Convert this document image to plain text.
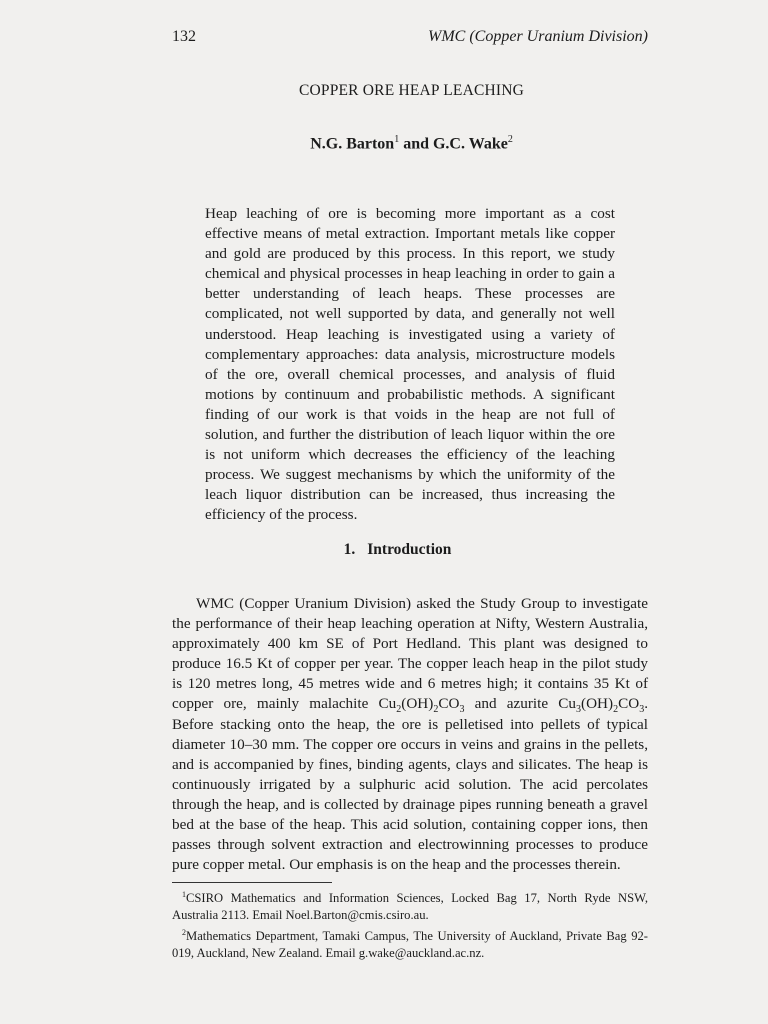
132	WMC (Copper Uranium Division)
COPPER ORE HEAP LEACHING
N.G. Barton$^1$ and G.C. Wake$^2$

Heap leaching of ore is becoming more important as a cost effective means of metal extraction. Important metals like copper and gold are produced by this process. In this report, we study chemical and physical processes in heap leaching in order to gain a better understanding of leach heaps. These processes are complicated, not well supported by data, and generally not well understood. Heap leaching is investigated using a variety of complementary approaches: data analysis, microstructure models of the ore, overall chemical processes, and analysis of fluid motions by continuum and probabilistic methods. A significant finding of our work is that voids in the heap are not full of solution, and further the distribution of leach liquor within the ore is not uniform which decreases the efficiency of the leaching process. We suggest mechanisms by which the uniformity of the leach liquor distribution can be increased, thus increasing the efficiency of the process.

1. Introduction

WMC (Copper Uranium Division) asked the Study Group to investigate the performance of their heap leaching operation at Nifty, Western Australia, approximately 400 km SE of Port Hedland. This plant was designed to produce 16.5 Kt of copper per year. The copper leach heap in the pilot study is 120 metres long, 45 metres wide and 6 metres high; it contains 35 Kt of copper ore, mainly malachite $Cu_2(OH)_2CO_3$ and azurite $Cu_3(OH)_2CO_3$. Before stacking onto the heap, the ore is pelletised into pellets of typical diameter 10–30 mm. The copper ore occurs in veins and grains in the pellets, and is accompanied by fines, binding agents, clays and silicates. The heap is continuously irrigated by a sulphuric acid solution. The acid percolates through the heap, and is collected by drainage pipes running beneath a gravel bed at the base of the heap. This acid solution, containing copper ions, then passes through solvent extraction and electrowinning processes to produce pure copper metal. Our emphasis is on the heap and the processes therein.

$^1$CSIRO Mathematics and Information Sciences, Locked Bag 17, North Ryde NSW, Australia 2113. Email Noel.Barton@cmis.csiro.au.

$^2$Mathematics Department, Tamaki Campus, The University of Auckland, Private Bag 92-019, Auckland, New Zealand. Email g.wake@auckland.ac.nz.
